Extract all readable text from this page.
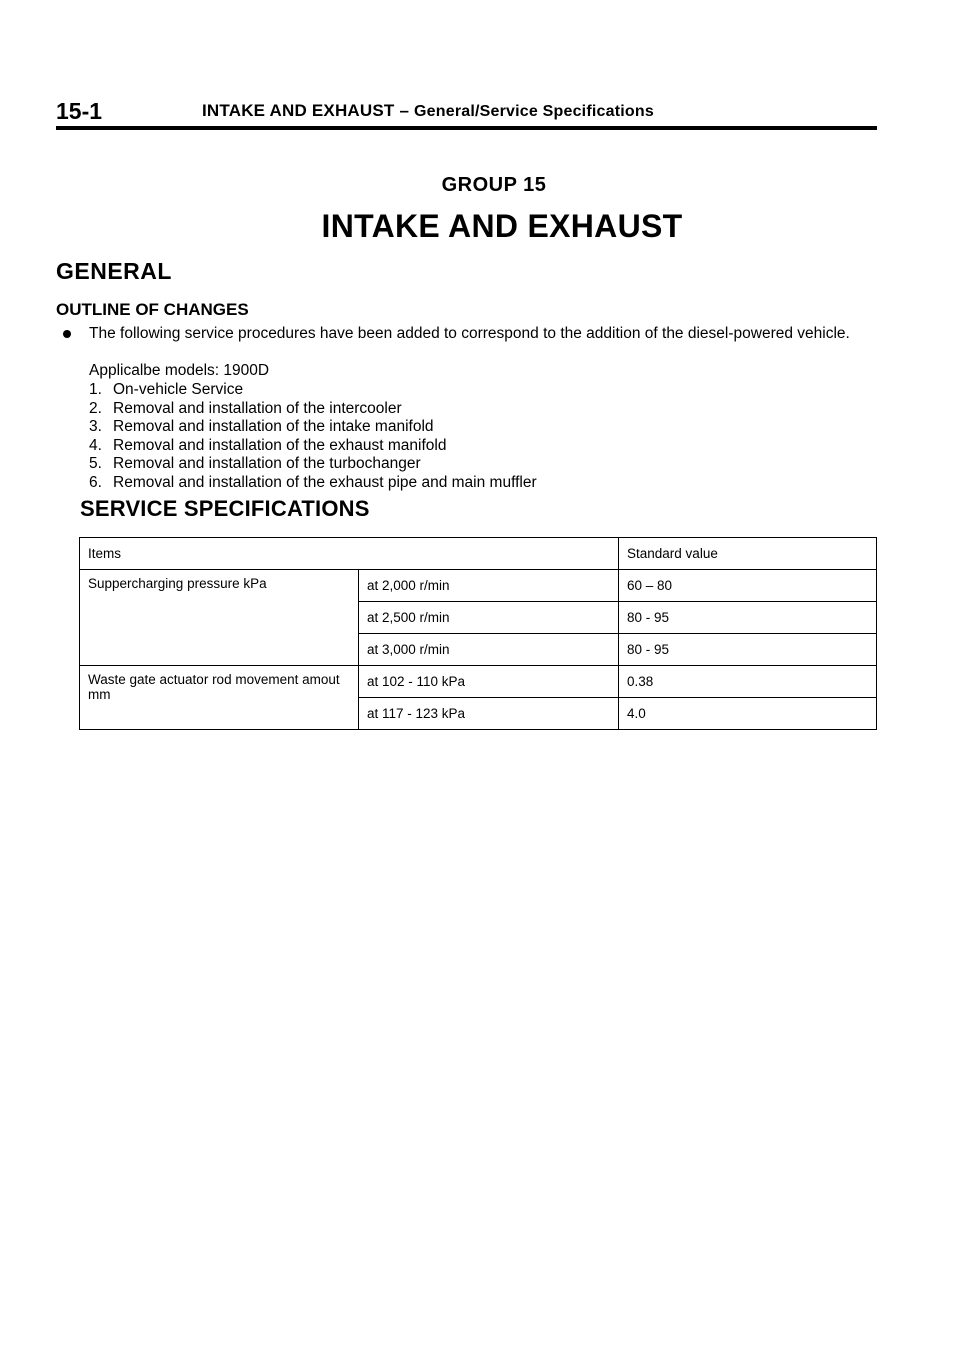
15-1	INTAKE AND EXHAUST – General/Service Specifications
GROUP 15
INTAKE AND EXHAUST
GENERAL
OUTLINE OF CHANGES
The following service procedures have been added to correspond to the addition of the diesel-powered vehicle.
Applicalbe models: 1900D
1. On-vehicle Service
2. Removal and installation of the intercooler
3. Removal and installation of the intake manifold
4. Removal and installation of the exhaust manifold
5. Removal and installation of the turbochanger
6. Removal and installation of the exhaust pipe and main muffler
SERVICE SPECIFICATIONS
Items		Standard value
Suppercharging pressure kPa	at 2,000 r/min	60 – 80
	at 2,500 r/min	80 - 95
	at 3,000 r/min	80 - 95
Waste gate actuator rod movement amout mm	at 102 - 110 kPa	0.38
	at 117 - 123 kPa	4.0
